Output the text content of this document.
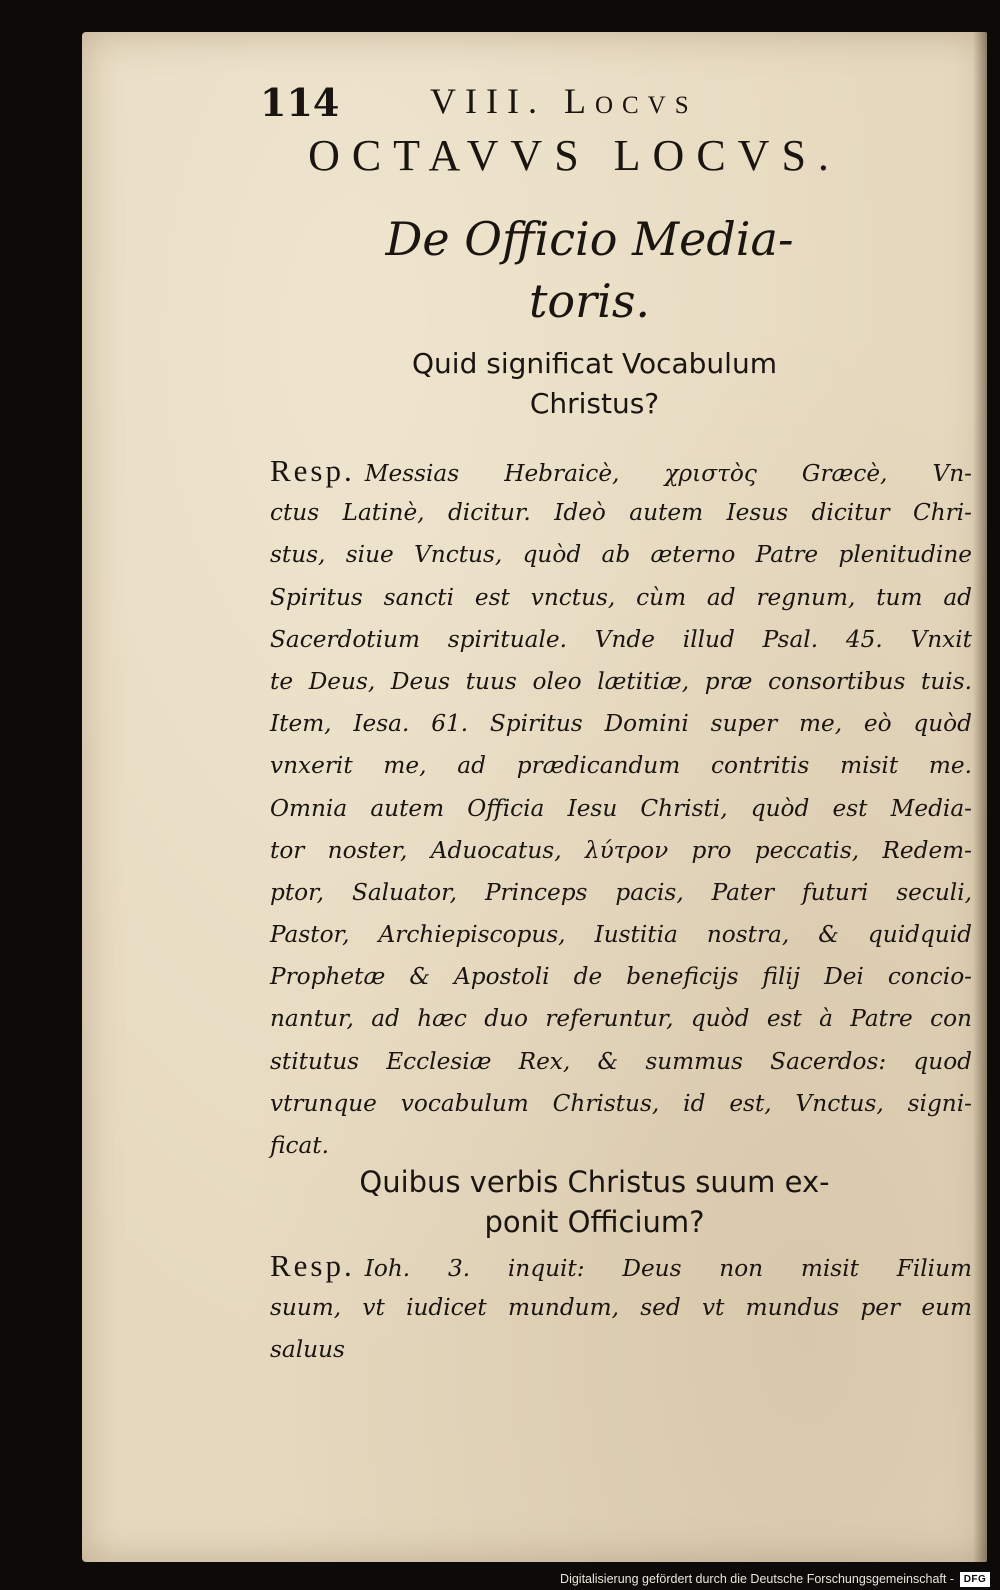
114	VIII. Locvs
OCTAVVS LOCVS.
De Officio Media-
toris.
Quid significat Vocabulum
Christus?
Resp. Messias Hebraicè, χριστὸς Græcè, Vn-
ctus Latinè, dicitur. Ideò autem Iesus dicitur Chri-
stus, siue Vnctus, quòd ab æterno Patre plenitudine
Spiritus sancti est vnctus, cùm ad regnum, tum ad
Sacerdotium spirituale. Vnde illud Psal. 45. Vnxit
te Deus, Deus tuus oleo lætitiæ, præ consortibus tuis.
Item, Iesa. 61. Spiritus Domini super me, eò quòd
vnxerit me, ad prædicandum contritis misit me.
Omnia autem Officia Iesu Christi, quòd est Media-
tor noster, Aduocatus, λύτρον pro peccatis, Redem-
ptor, Saluator, Princeps pacis, Pater futuri seculi,
Pastor, Archiepiscopus, Iustitia nostra, & quidquid
Prophetæ & Apostoli de beneficijs filij Dei concio-
nantur, ad hæc duo referuntur, quòd est à Patre con
stitutus Ecclesiæ Rex, & summus Sacerdos: quod
vtrunque vocabulum Christus, id est, Vnctus, signi-
ficat.
Quibus verbis Christus suum ex-
ponit Officium?
Resp. Ioh. 3. inquit: Deus non misit Filium
suum, vt iudicet mundum, sed vt mundus per eum
saluus
Digitalisierung gefördert durch die Deutsche Forschungsgemeinschaft - DFG
